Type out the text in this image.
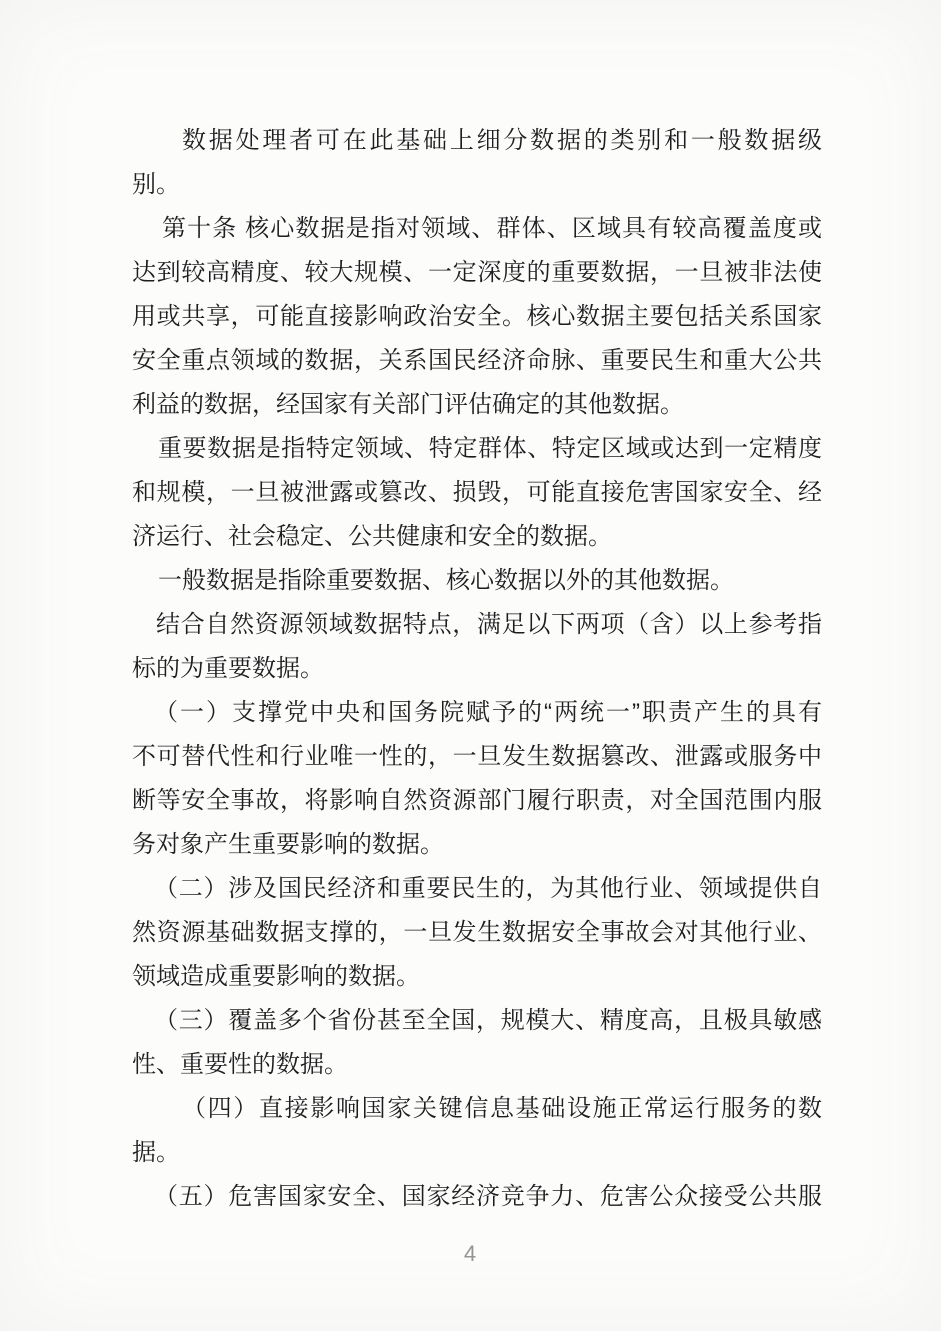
数据处理者可在此基础上细分数据的类别和一般数据级
别。
第十条 核心数据是指对领域、群体、区域具有较高覆盖度或
达到较高精度、较大规模、一定深度的重要数据，一旦被非法使
用或共享，可能直接影响政治安全。核心数据主要包括关系国家
安全重点领域的数据，关系国民经济命脉、重要民生和重大公共
利益的数据，经国家有关部门评估确定的其他数据。
重要数据是指特定领域、特定群体、特定区域或达到一定精度
和规模，一旦被泄露或篡改、损毁，可能直接危害国家安全、经
济运行、社会稳定、公共健康和安全的数据。
一般数据是指除重要数据、核心数据以外的其他数据。
结合自然资源领域数据特点，满足以下两项（含）以上参考指
标的为重要数据。
（一）支撑党中央和国务院赋予的“两统一”职责产生的具有
不可替代性和行业唯一性的，一旦发生数据篡改、泄露或服务中
断等安全事故，将影响自然资源部门履行职责，对全国范围内服
务对象产生重要影响的数据。
（二）涉及国民经济和重要民生的，为其他行业、领域提供自
然资源基础数据支撑的，一旦发生数据安全事故会对其他行业、
领域造成重要影响的数据。
（三）覆盖多个省份甚至全国，规模大、精度高，且极具敏感
性、重要性的数据。
（四）直接影响国家关键信息基础设施正常运行服务的数
据。
（五）危害国家安全、国家经济竞争力、危害公众接受公共服
4
